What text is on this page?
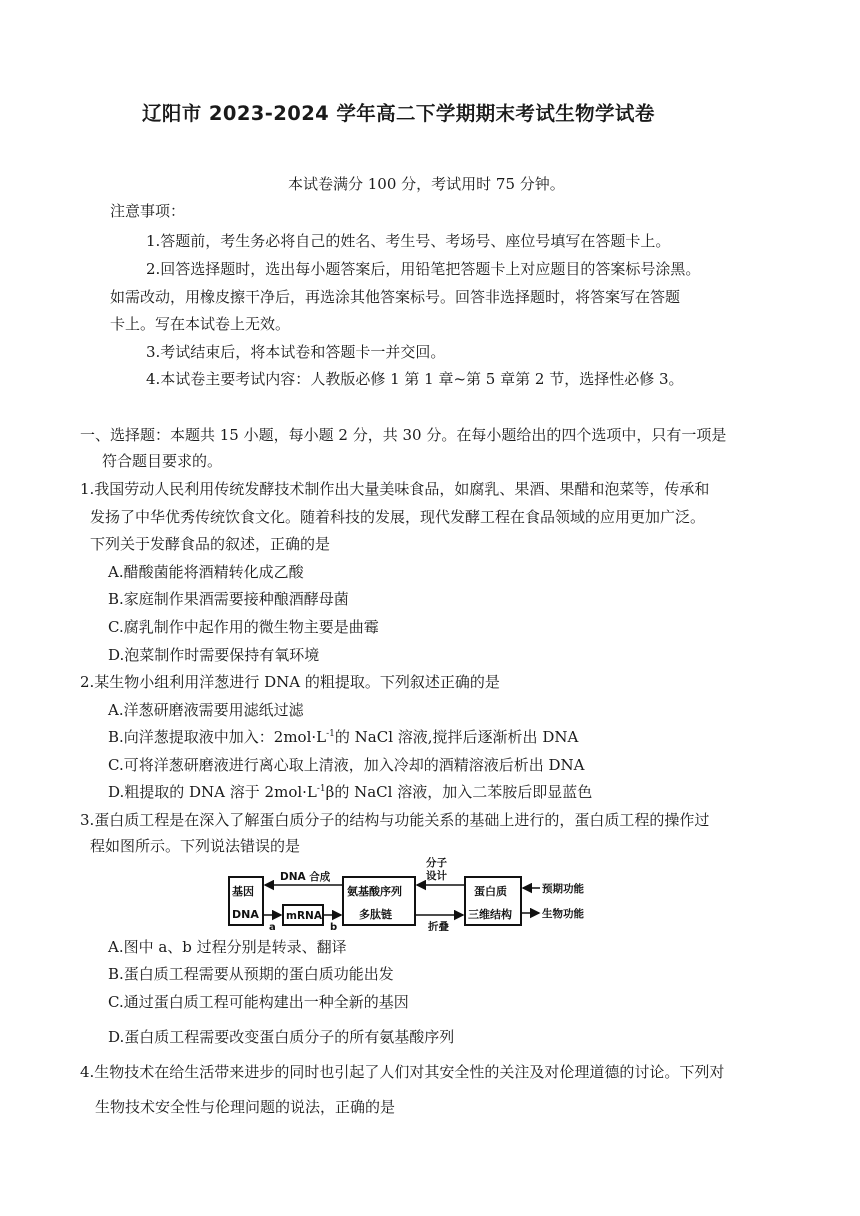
辽阳市 2023-2024 学年高二下学期期末考试生物学试卷
本试卷满分 100 分，考试用时 75 分钟。
注意事项：
1.答题前，考生务必将自己的姓名、考生号、考场号、座位号填写在答题卡上。
2.回答选择题时，选出每小题答案后，用铅笔把答题卡上对应题目的答案标号涂黑。
如需改动，用橡皮擦干净后，再选涂其他答案标号。回答非选择题时，将答案写在答题
卡上。写在本试卷上无效。
3.考试结束后，将本试卷和答题卡一并交回。
4.本试卷主要考试内容：人教版必修 1 第 1 章~第 5 章第 2 节，选择性必修 3。
一、选择题：本题共 15 小题，每小题 2 分，共 30 分。在每小题给出的四个选项中，只有一项是
符合题目要求的。
1.我国劳动人民利用传统发酵技术制作出大量美味食品，如腐乳、果酒、果醋和泡菜等，传承和
发扬了中华优秀传统饮食文化。随着科技的发展，现代发酵工程在食品领域的应用更加广泛。
下列关于发酵食品的叙述，正确的是
A.醋酸菌能将酒精转化成乙酸
B.家庭制作果酒需要接种酿酒酵母菌
C.腐乳制作中起作用的微生物主要是曲霉
D.泡菜制作时需要保持有氧环境
2.某生物小组利用洋葱进行 DNA 的粗提取。下列叙述正确的是
A.洋葱研磨液需要用滤纸过滤
B.向洋葱提取液中加入：$2mol\cdot L^{-1}$的 NaCl 溶液,搅拌后逐渐析出 DNA
C.可将洋葱研磨液进行离心取上清液，加入冷却的酒精溶液后析出 DNA
D.粗提取的 DNA 溶于 $2mol\cdot L^{-1}\beta$的 NaCl 溶液，加入二苯胺后即显蓝色
3.蛋白质工程是在深入了解蛋白质分子的结构与功能关系的基础上进行的，蛋白质工程的操作过
程如图所示。下列说法错误的是
基因
DNA	mRNA
氨基酸序列
多肽链
蛋白质
三维结构
DNA 合成
a	b
分子
设计
折叠
预期功能
生物功能
A.图中 a、b 过程分别是转录、翻译
B.蛋白质工程需要从预期的蛋白质功能出发
C.通过蛋白质工程可能构建出一种全新的基因
D.蛋白质工程需要改变蛋白质分子的所有氨基酸序列
4.生物技术在给生活带来进步的同时也引起了人们对其安全性的关注及对伦理道德的讨论。下列对
生物技术安全性与伦理问题的说法，正确的是
